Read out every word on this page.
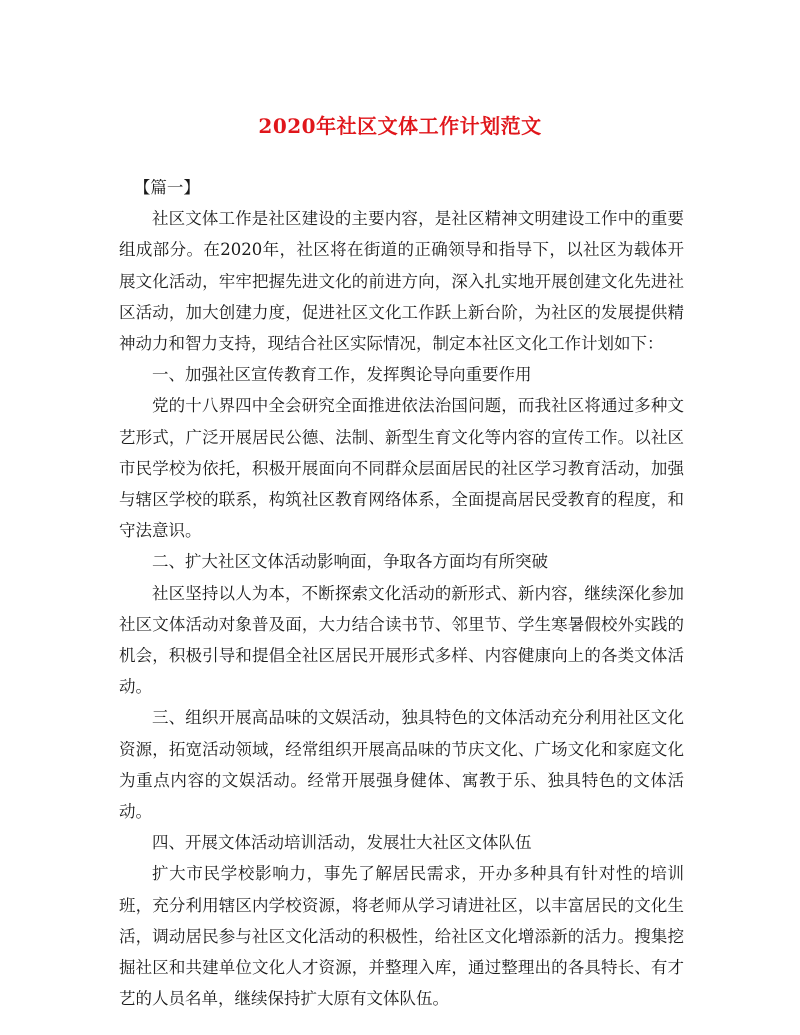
2020年社区文体工作计划范文

【篇一】

社区文体工作是社区建设的主要内容，是社区精神文明建设工作中的重要组成部分。在2020年，社区将在街道的正确领导和指导下，以社区为载体开展文化活动，牢牢把握先进文化的前进方向，深入扎实地开展创建文化先进社区活动，加大创建力度，促进社区文化工作跃上新台阶，为社区的发展提供精神动力和智力支持，现结合社区实际情况，制定本社区文化工作计划如下：

一、加强社区宣传教育工作，发挥舆论导向重要作用

党的十八界四中全会研究全面推进依法治国问题，而我社区将通过多种文艺形式，广泛开展居民公德、法制、新型生育文化等内容的宣传工作。以社区市民学校为依托，积极开展面向不同群众层面居民的社区学习教育活动，加强与辖区学校的联系，构筑社区教育网络体系，全面提高居民受教育的程度，和守法意识。

二、扩大社区文体活动影响面，争取各方面均有所突破

社区坚持以人为本，不断探索文化活动的新形式、新内容，继续深化参加社区文体活动对象普及面，大力结合读书节、邻里节、学生寒暑假校外实践的机会，积极引导和提倡全社区居民开展形式多样、内容健康向上的各类文体活动。

三、组织开展高品味的文娱活动，独具特色的文体活动充分利用社区文化资源，拓宽活动领域，经常组织开展高品味的节庆文化、广场文化和家庭文化为重点内容的文娱活动。经常开展强身健体、寓教于乐、独具特色的文体活动。

四、开展文体活动培训活动，发展壮大社区文体队伍

扩大市民学校影响力，事先了解居民需求，开办多种具有针对性的培训班，充分利用辖区内学校资源，将老师从学习请进社区，以丰富居民的文化生活，调动居民参与社区文化活动的积极性，给社区文化增添新的活力。搜集挖掘社区和共建单位文化人才资源，并整理入库，通过整理出的各具特长、有才艺的人员名单，继续保持扩大原有文体队伍。
